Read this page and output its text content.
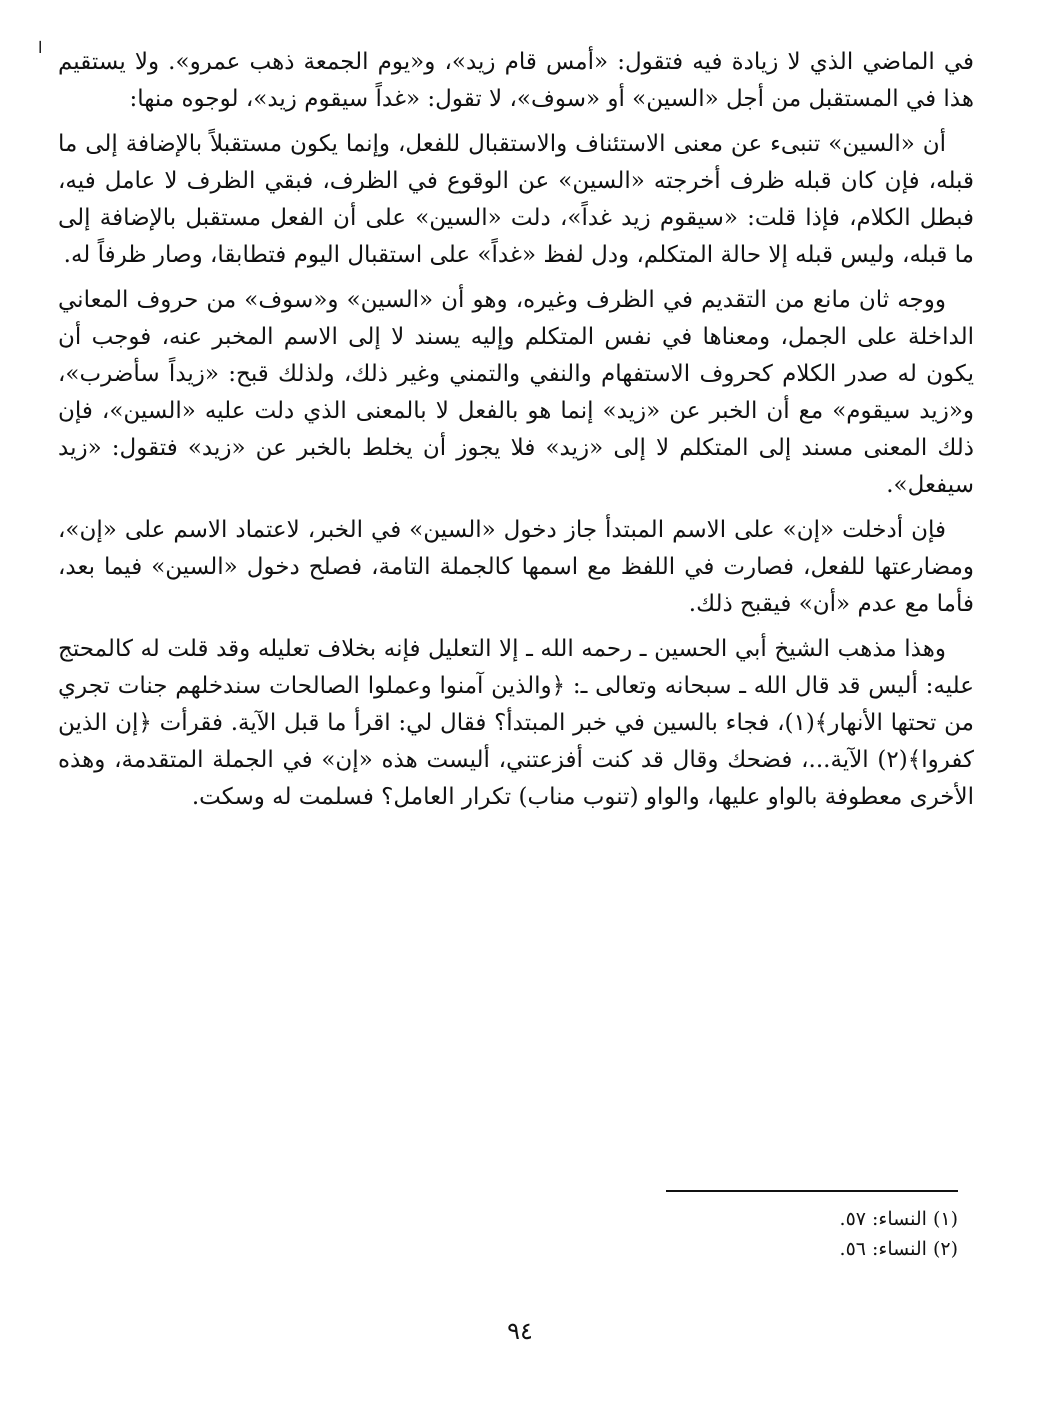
ا

في الماضي الذي لا زيادة فيه فتقول: «أمس قام زيد»، و«يوم الجمعة ذهب عمرو». ولا يستقيم هذا في المستقبل من أجل «السين» أو «سوف»، لا تقول: «غداً سيقوم زيد»، لوجوه منها:

أن «السين» تنبىء عن معنى الاستئناف والاستقبال للفعل، وإنما يكون مستقبلاً بالإضافة إلى ما قبله، فإن كان قبله ظرف أخرجته «السين» عن الوقوع في الظرف، فبقي الظرف لا عامل فيه، فبطل الكلام، فإذا قلت: «سيقوم زيد غداً»، دلت «السين» على أن الفعل مستقبل بالإضافة إلى ما قبله، وليس قبله إلا حالة المتكلم، ودل لفظ «غداً» على استقبال اليوم فتطابقا، وصار ظرفاً له.

ووجه ثان مانع من التقديم في الظرف وغيره، وهو أن «السين» و«سوف» من حروف المعاني الداخلة على الجمل، ومعناها في نفس المتكلم وإليه يسند لا إلى الاسم المخبر عنه، فوجب أن يكون له صدر الكلام كحروف الاستفهام والنفي والتمني وغير ذلك، ولذلك قبح: «زيداً سأضرب»، و«زيد سيقوم» مع أن الخبر عن «زيد» إنما هو بالفعل لا بالمعنى الذي دلت عليه «السين»، فإن ذلك المعنى مسند إلى المتكلم لا إلى «زيد» فلا يجوز أن يخلط بالخبر عن «زيد» فتقول: «زيد سيفعل».

فإن أدخلت «إن» على الاسم المبتدأ جاز دخول «السين» في الخبر، لاعتماد الاسم على «إن»، ومضارعتها للفعل، فصارت في اللفظ مع اسمها كالجملة التامة، فصلح دخول «السين» فيما بعد، فأما مع عدم «أن» فيقبح ذلك.

وهذا مذهب الشيخ أبي الحسين ـ رحمه الله ـ إلا التعليل فإنه بخلاف تعليله وقد قلت له كالمحتج عليه: أليس قد قال الله ـ سبحانه وتعالى ـ: ﴿والذين آمنوا وعملوا الصالحات سندخلهم جنات تجري من تحتها الأنهار﴾(١)، فجاء بالسين في خبر المبتدأ؟ فقال لي: اقرأ ما قبل الآية. فقرأت ﴿إن الذين كفروا﴾(٢) الآية...، فضحك وقال قد كنت أفزعتني، أليست هذه «إن» في الجملة المتقدمة، وهذه الأخرى معطوفة بالواو عليها، والواو (تنوب مناب) تكرار العامل؟ فسلمت له وسكت.

(١) النساء: ٥٧.

(٢) النساء: ٥٦.

٩٤
